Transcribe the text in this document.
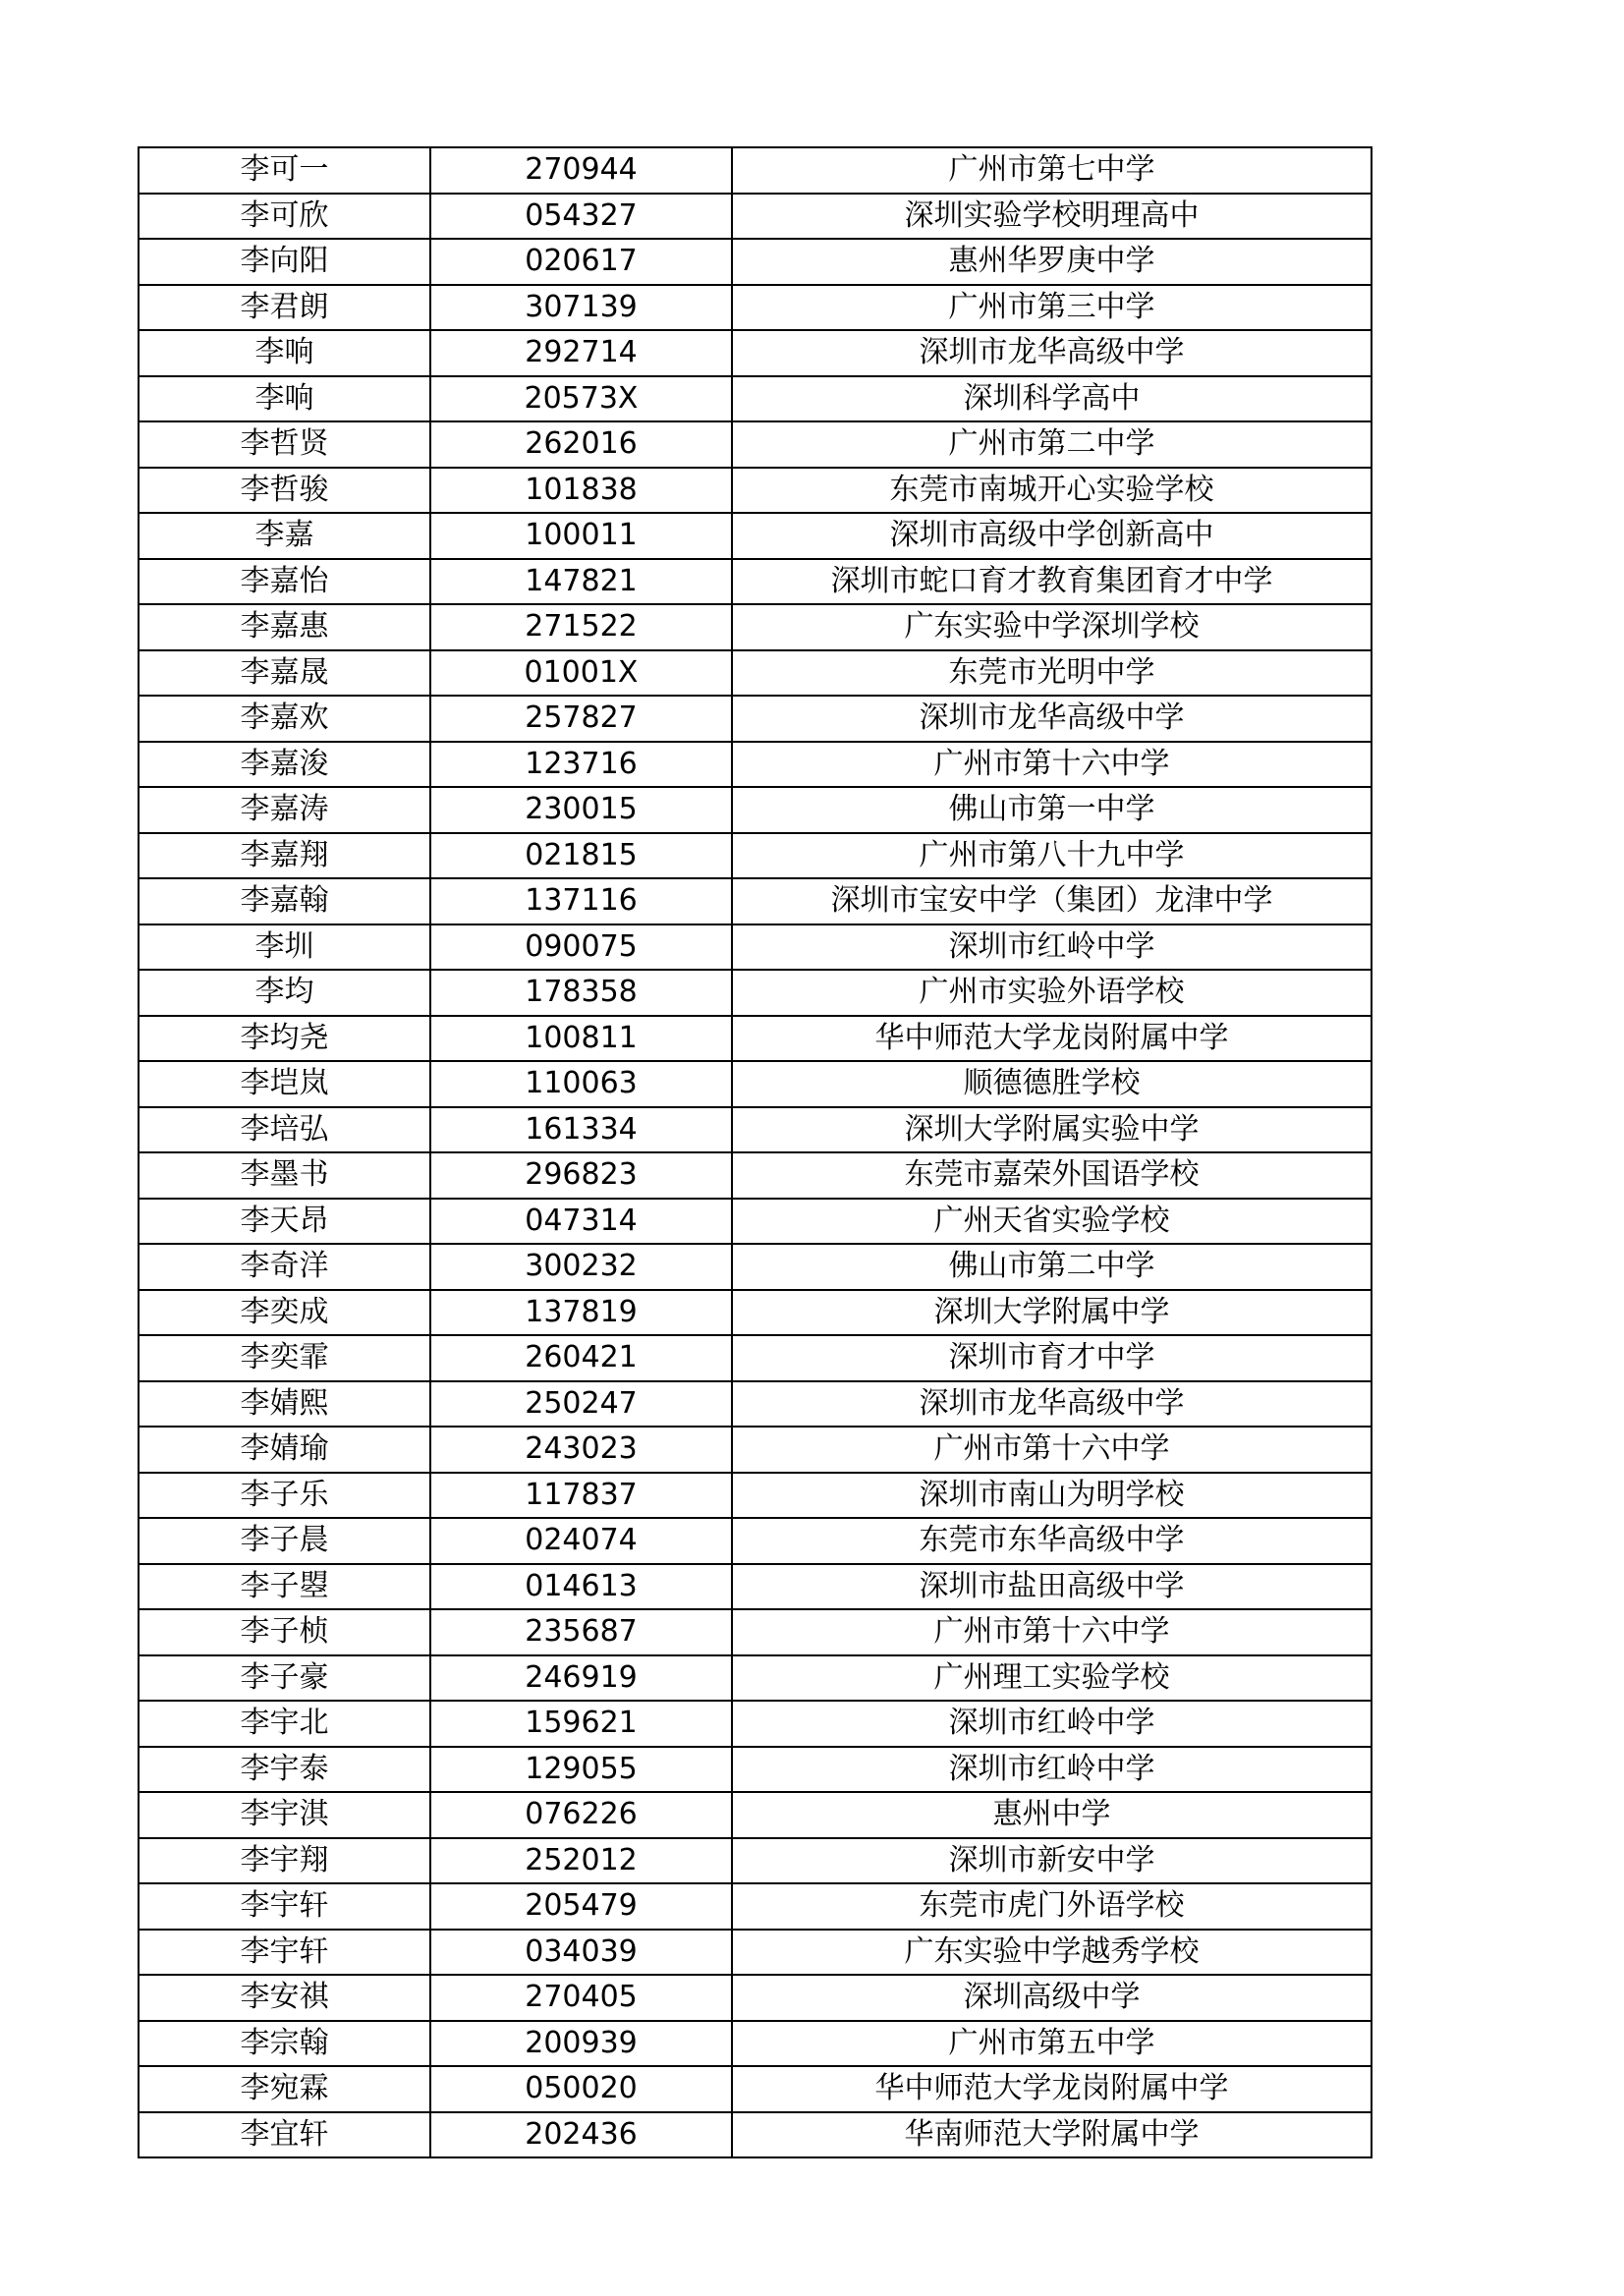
李可一	270944	广州市第七中学
李可欣	054327	深圳实验学校明理高中
李向阳	020617	惠州华罗庚中学
李君朗	307139	广州市第三中学
李响	292714	深圳市龙华高级中学
李响	20573X	深圳科学高中
李哲贤	262016	广州市第二中学
李哲骏	101838	东莞市南城开心实验学校
李嘉	100011	深圳市高级中学创新高中
李嘉怡	147821	深圳市蛇口育才教育集团育才中学
李嘉惠	271522	广东实验中学深圳学校
李嘉晟	01001X	东莞市光明中学
李嘉欢	257827	深圳市龙华高级中学
李嘉浚	123716	广州市第十六中学
李嘉涛	230015	佛山市第一中学
李嘉翔	021815	广州市第八十九中学
李嘉翰	137116	深圳市宝安中学（集团）龙津中学
李圳	090075	深圳市红岭中学
李均	178358	广州市实验外语学校
李均尧	100811	华中师范大学龙岗附属中学
李垲岚	110063	顺德德胜学校
李培弘	161334	深圳大学附属实验中学
李墨书	296823	东莞市嘉荣外国语学校
李天昂	047314	广州天省实验学校
李奇洋	300232	佛山市第二中学
李奕成	137819	深圳大学附属中学
李奕霏	260421	深圳市育才中学
李婧熙	250247	深圳市龙华高级中学
李婧瑜	243023	广州市第十六中学
李子乐	117837	深圳市南山为明学校
李子晨	024074	东莞市东华高级中学
李子曌	014613	深圳市盐田高级中学
李子桢	235687	广州市第十六中学
李子豪	246919	广州理工实验学校
李宇北	159621	深圳市红岭中学
李宇泰	129055	深圳市红岭中学
李宇淇	076226	惠州中学
李宇翔	252012	深圳市新安中学
李宇轩	205479	东莞市虎门外语学校
李宇轩	034039	广东实验中学越秀学校
李安祺	270405	深圳高级中学
李宗翰	200939	广州市第五中学
李宛霖	050020	华中师范大学龙岗附属中学
李宜轩	202436	华南师范大学附属中学
